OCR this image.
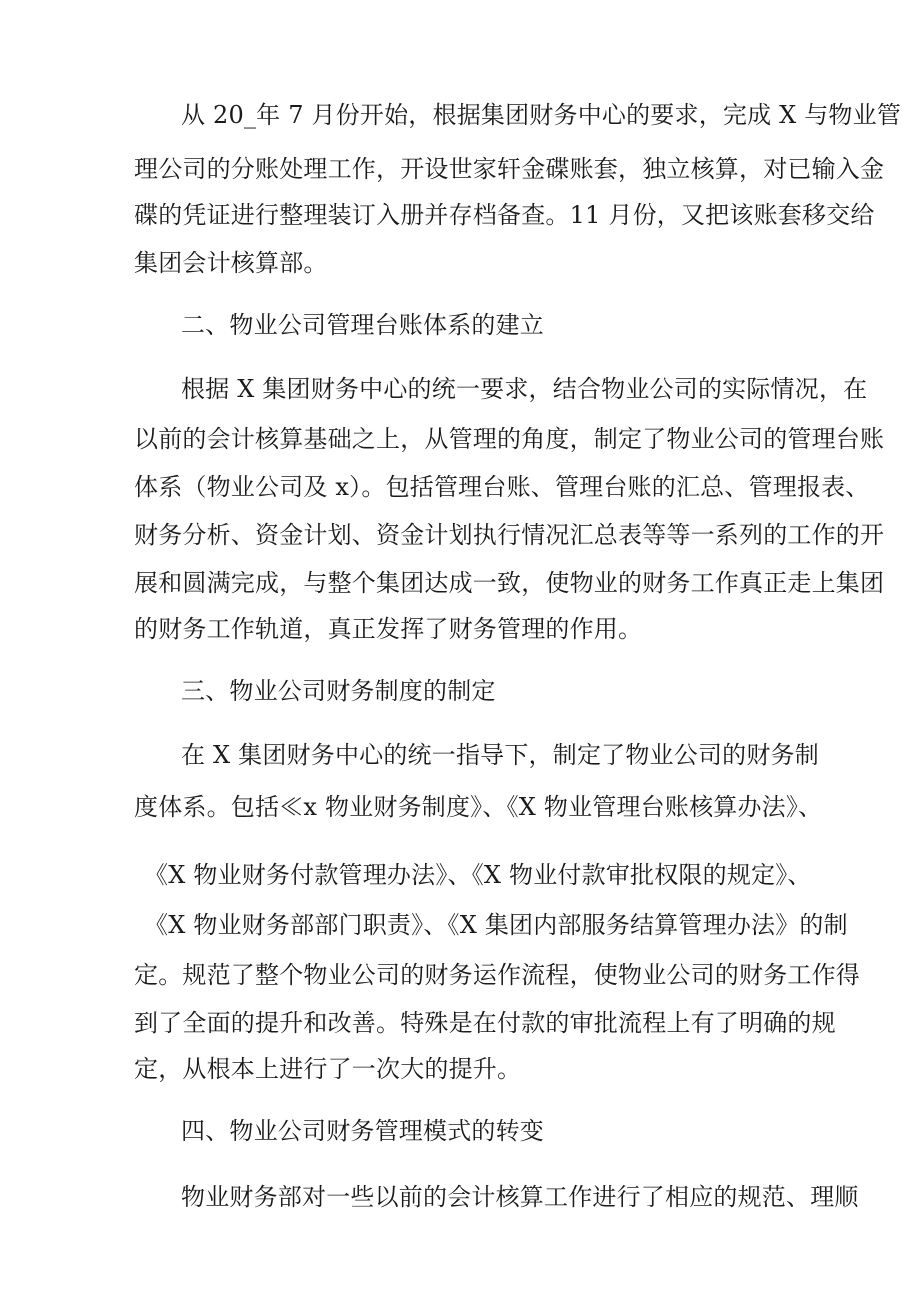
从 20_年 7 月份开始，根据集团财务中心的要求，完成 X 与物业管
理公司的分账处理工作，开设世家轩金碟账套，独立核算，对已输入金
碟的凭证进行整理装订入册并存档备查。11 月份，又把该账套移交给
集团会计核算部。
二、物业公司管理台账体系的建立
根据 X 集团财务中心的统一要求，结合物业公司的实际情况，在
以前的会计核算基础之上，从管理的角度，制定了物业公司的管理台账
体系（物业公司及 x）。包括管理台账、管理台账的汇总、管理报表、
财务分析、资金计划、资金计划执行情况汇总表等等一系列的工作的开
展和圆满完成，与整个集团达成一致，使物业的财务工作真正走上集团
的财务工作轨道，真正发挥了财务管理的作用。
三、物业公司财务制度的制定
在 X 集团财务中心的统一指导下，制定了物业公司的财务制
度体系。包括≪x 物业财务制度》、《X 物业管理台账核算办法》、
《X 物业财务付款管理办法》、《X 物业付款审批权限的规定》、
《X 物业财务部部门职责》、《X 集团内部服务结算管理办法》的制
定。规范了整个物业公司的财务运作流程，使物业公司的财务工作得
到了全面的提升和改善。特殊是在付款的审批流程上有了明确的规
定，从根本上进行了一次大的提升。
四、物业公司财务管理模式的转变
物业财务部对一些以前的会计核算工作进行了相应的规范、理顺
